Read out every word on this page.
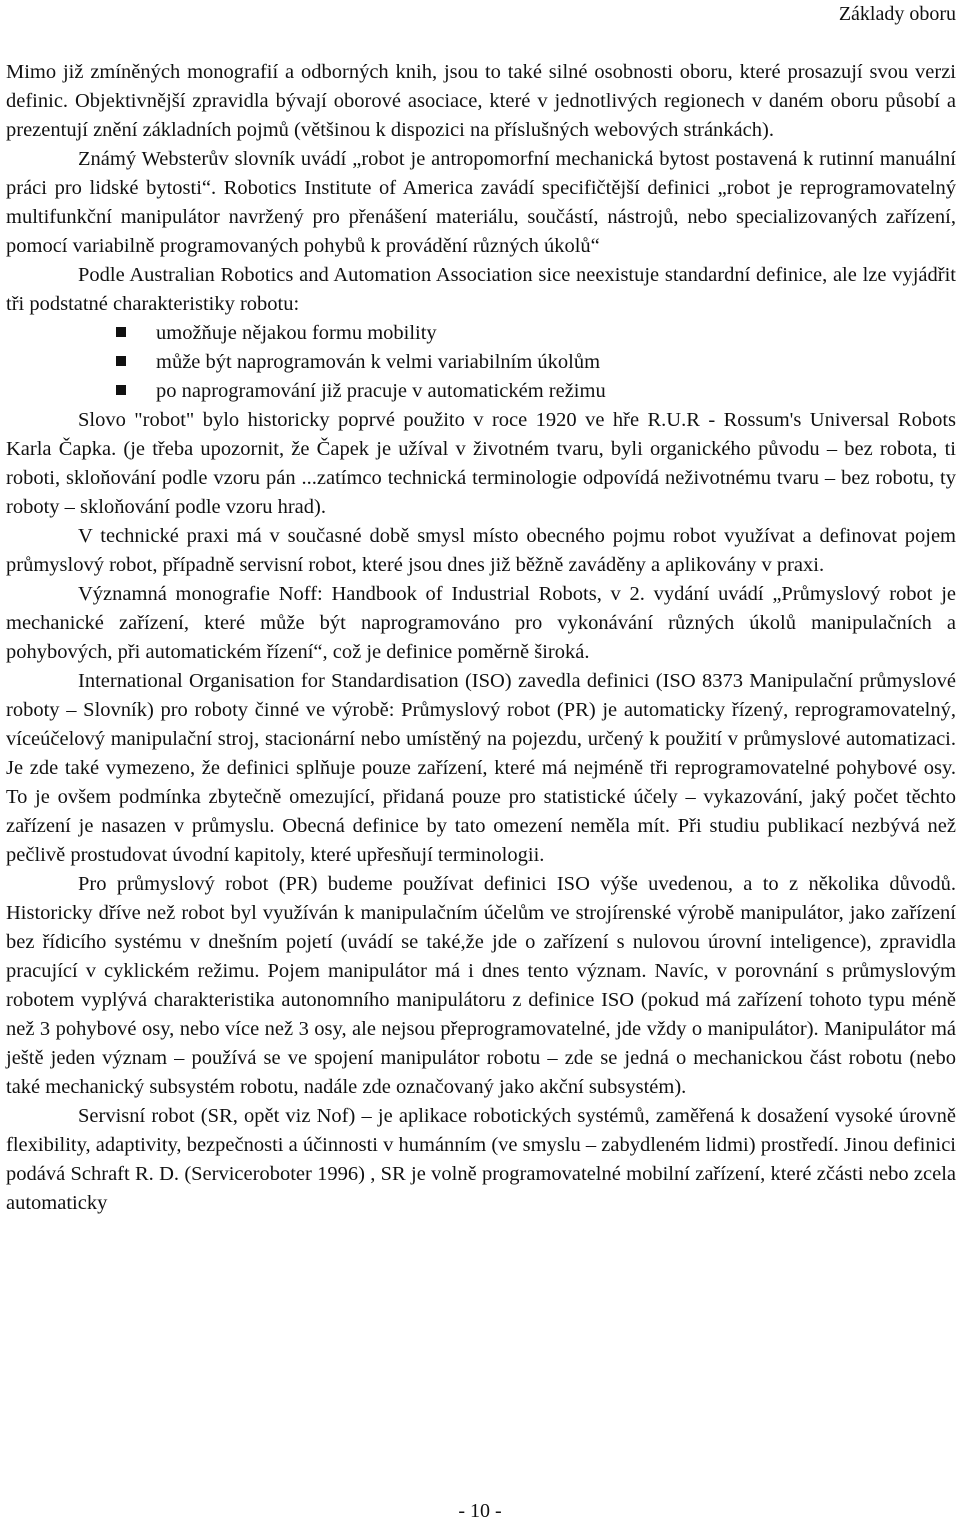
Základy oboru

Mimo již zmíněných monografií a odborných knih, jsou to také silné osobnosti oboru, které prosazují svou verzi definic. Objektivnější zpravidla bývají oborové asociace, které v jednotlivých regionech v daném oboru působí a prezentují znění základních pojmů (většinou k dispozici na příslušných webových stránkách).

Známý Websterův slovník uvádí „robot je antropomorfní mechanická bytost postavená k rutinní manuální práci pro lidské bytosti“. Robotics Institute of America zavádí specifičtější definici „robot je reprogramovatelný multifunkční manipulátor navržený pro přenášení materiálu, součástí, nástrojů, nebo specializovaných zařízení, pomocí variabilně programovaných pohybů k provádění různých úkolů“

Podle Australian Robotics and Automation Association sice neexistuje standardní definice, ale lze vyjádřit tři podstatné charakteristiky robotu:

umožňuje nějakou formu mobility
může být naprogramován k velmi variabilním úkolům
po naprogramování již pracuje v automatickém režimu

Slovo "robot" bylo historicky poprvé použito v roce 1920 ve hře R.U.R - Rossum's Universal Robots Karla Čapka. (je třeba upozornit, že Čapek je užíval v životném tvaru, byli organického původu – bez robota, ti roboti, skloňování podle vzoru pán ...zatímco technická terminologie odpovídá neživotnému tvaru – bez robotu, ty roboty – skloňování podle vzoru hrad).

V technické praxi má v současné době smysl místo obecného pojmu robot využívat a definovat pojem průmyslový robot, případně servisní robot, které jsou dnes již běžně zaváděny a aplikovány v praxi.

Významná monografie Noff: Handbook of Industrial Robots, v 2. vydání uvádí „Průmyslový robot je mechanické zařízení, které může být naprogramováno pro vykonávání různých úkolů manipulačních a pohybových, při automatickém řízení“, což je definice poměrně široká.

International Organisation for Standardisation (ISO) zavedla definici (ISO 8373 Manipulační průmyslové roboty – Slovník) pro roboty činné ve výrobě: Průmyslový robot (PR) je automaticky řízený, reprogramovatelný, víceúčelový manipulační stroj, stacionární nebo umístěný na pojezdu, určený k použití v průmyslové automatizaci. Je zde také vymezeno, že definici splňuje pouze zařízení, které má nejméně tři reprogramovatelné pohybové osy. To je ovšem podmínka zbytečně omezující, přidaná pouze pro statistické účely – vykazování, jaký počet těchto zařízení je nasazen v průmyslu. Obecná definice by tato omezení neměla mít. Při studiu publikací nezbývá než pečlivě prostudovat úvodní kapitoly, které upřesňují terminologii.

Pro průmyslový robot (PR) budeme používat definici ISO výše uvedenou, a to z několika důvodů. Historicky dříve než robot byl využíván k manipulačním účelům ve strojírenské výrobě manipulátor, jako zařízení bez řídicího systému v dnešním pojetí (uvádí se také,že jde o zařízení s nulovou úrovní inteligence), zpravidla pracující v cyklickém režimu. Pojem manipulátor má i dnes tento význam. Navíc, v porovnání s průmyslovým robotem vyplývá charakteristika autonomního manipulátoru z definice ISO (pokud má zařízení tohoto typu méně než 3 pohybové osy, nebo více než 3 osy, ale nejsou přeprogramovatelné, jde vždy o manipulátor). Manipulátor má ještě jeden význam – používá se ve spojení manipulátor robotu – zde se jedná o mechanickou část robotu (nebo také mechanický subsystém robotu, nadále zde označovaný jako akční subsystém).

Servisní robot (SR, opět viz Nof) – je aplikace robotických systémů, zaměřená k dosažení vysoké úrovně flexibility, adaptivity, bezpečnosti a účinnosti v humánním (ve smyslu – zabydleném lidmi) prostředí. Jinou definici podává Schraft R. D. (Serviceroboter 1996) , SR je volně programovatelné mobilní zařízení, které zčásti nebo zcela automaticky

- 10 -
